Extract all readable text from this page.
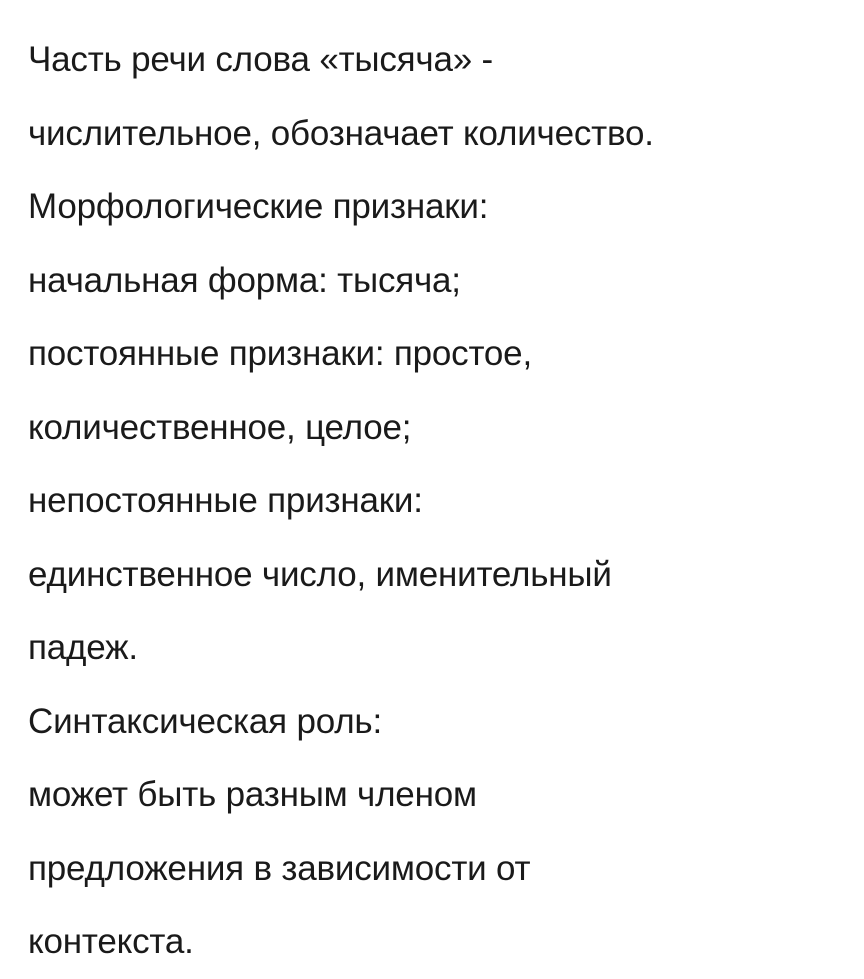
Часть речи слова «тысяча» -
числительное, обозначает количество.
Морфологические признаки:
начальная форма: тысяча;
постоянные признаки: простое,
количественное, целое;
непостоянные признаки:
единственное число, именительный
падеж.
Синтаксическая роль:
может быть разным членом
предложения в зависимости от
контекста.
